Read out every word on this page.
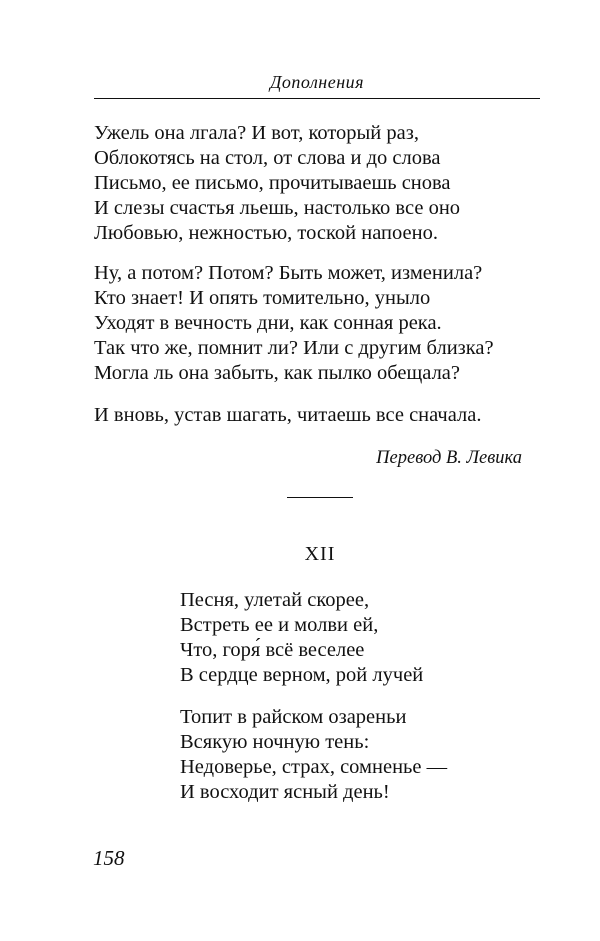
Дополнения
Ужель она лгала? И вот, который раз,
Облокотясь на стол, от слова и до слова
Письмо, ее письмо, прочитываешь снова
И слезы счастья льешь, настолько все оно
Любовью, нежностью, тоской напоено.
Ну, а потом? Потом? Быть может, изменила?
Кто знает! И опять томительно, уныло
Уходят в вечность дни, как сонная река.
Так что же, помнит ли? Или с другим близка?
Могла ль она забыть, как пылко обещала?
И вновь, устав шагать, читаешь все сначала.
Перевод В. Левика
XII
Песня, улетай скорее,
Встреть ее и молви ей,
Что, горя́ всё веселее
В сердце верном, рой лучей
Топит в райском озареньи
Всякую ночную тень:
Недоверье, страх, сомненье —
И восходит ясный день!
158
